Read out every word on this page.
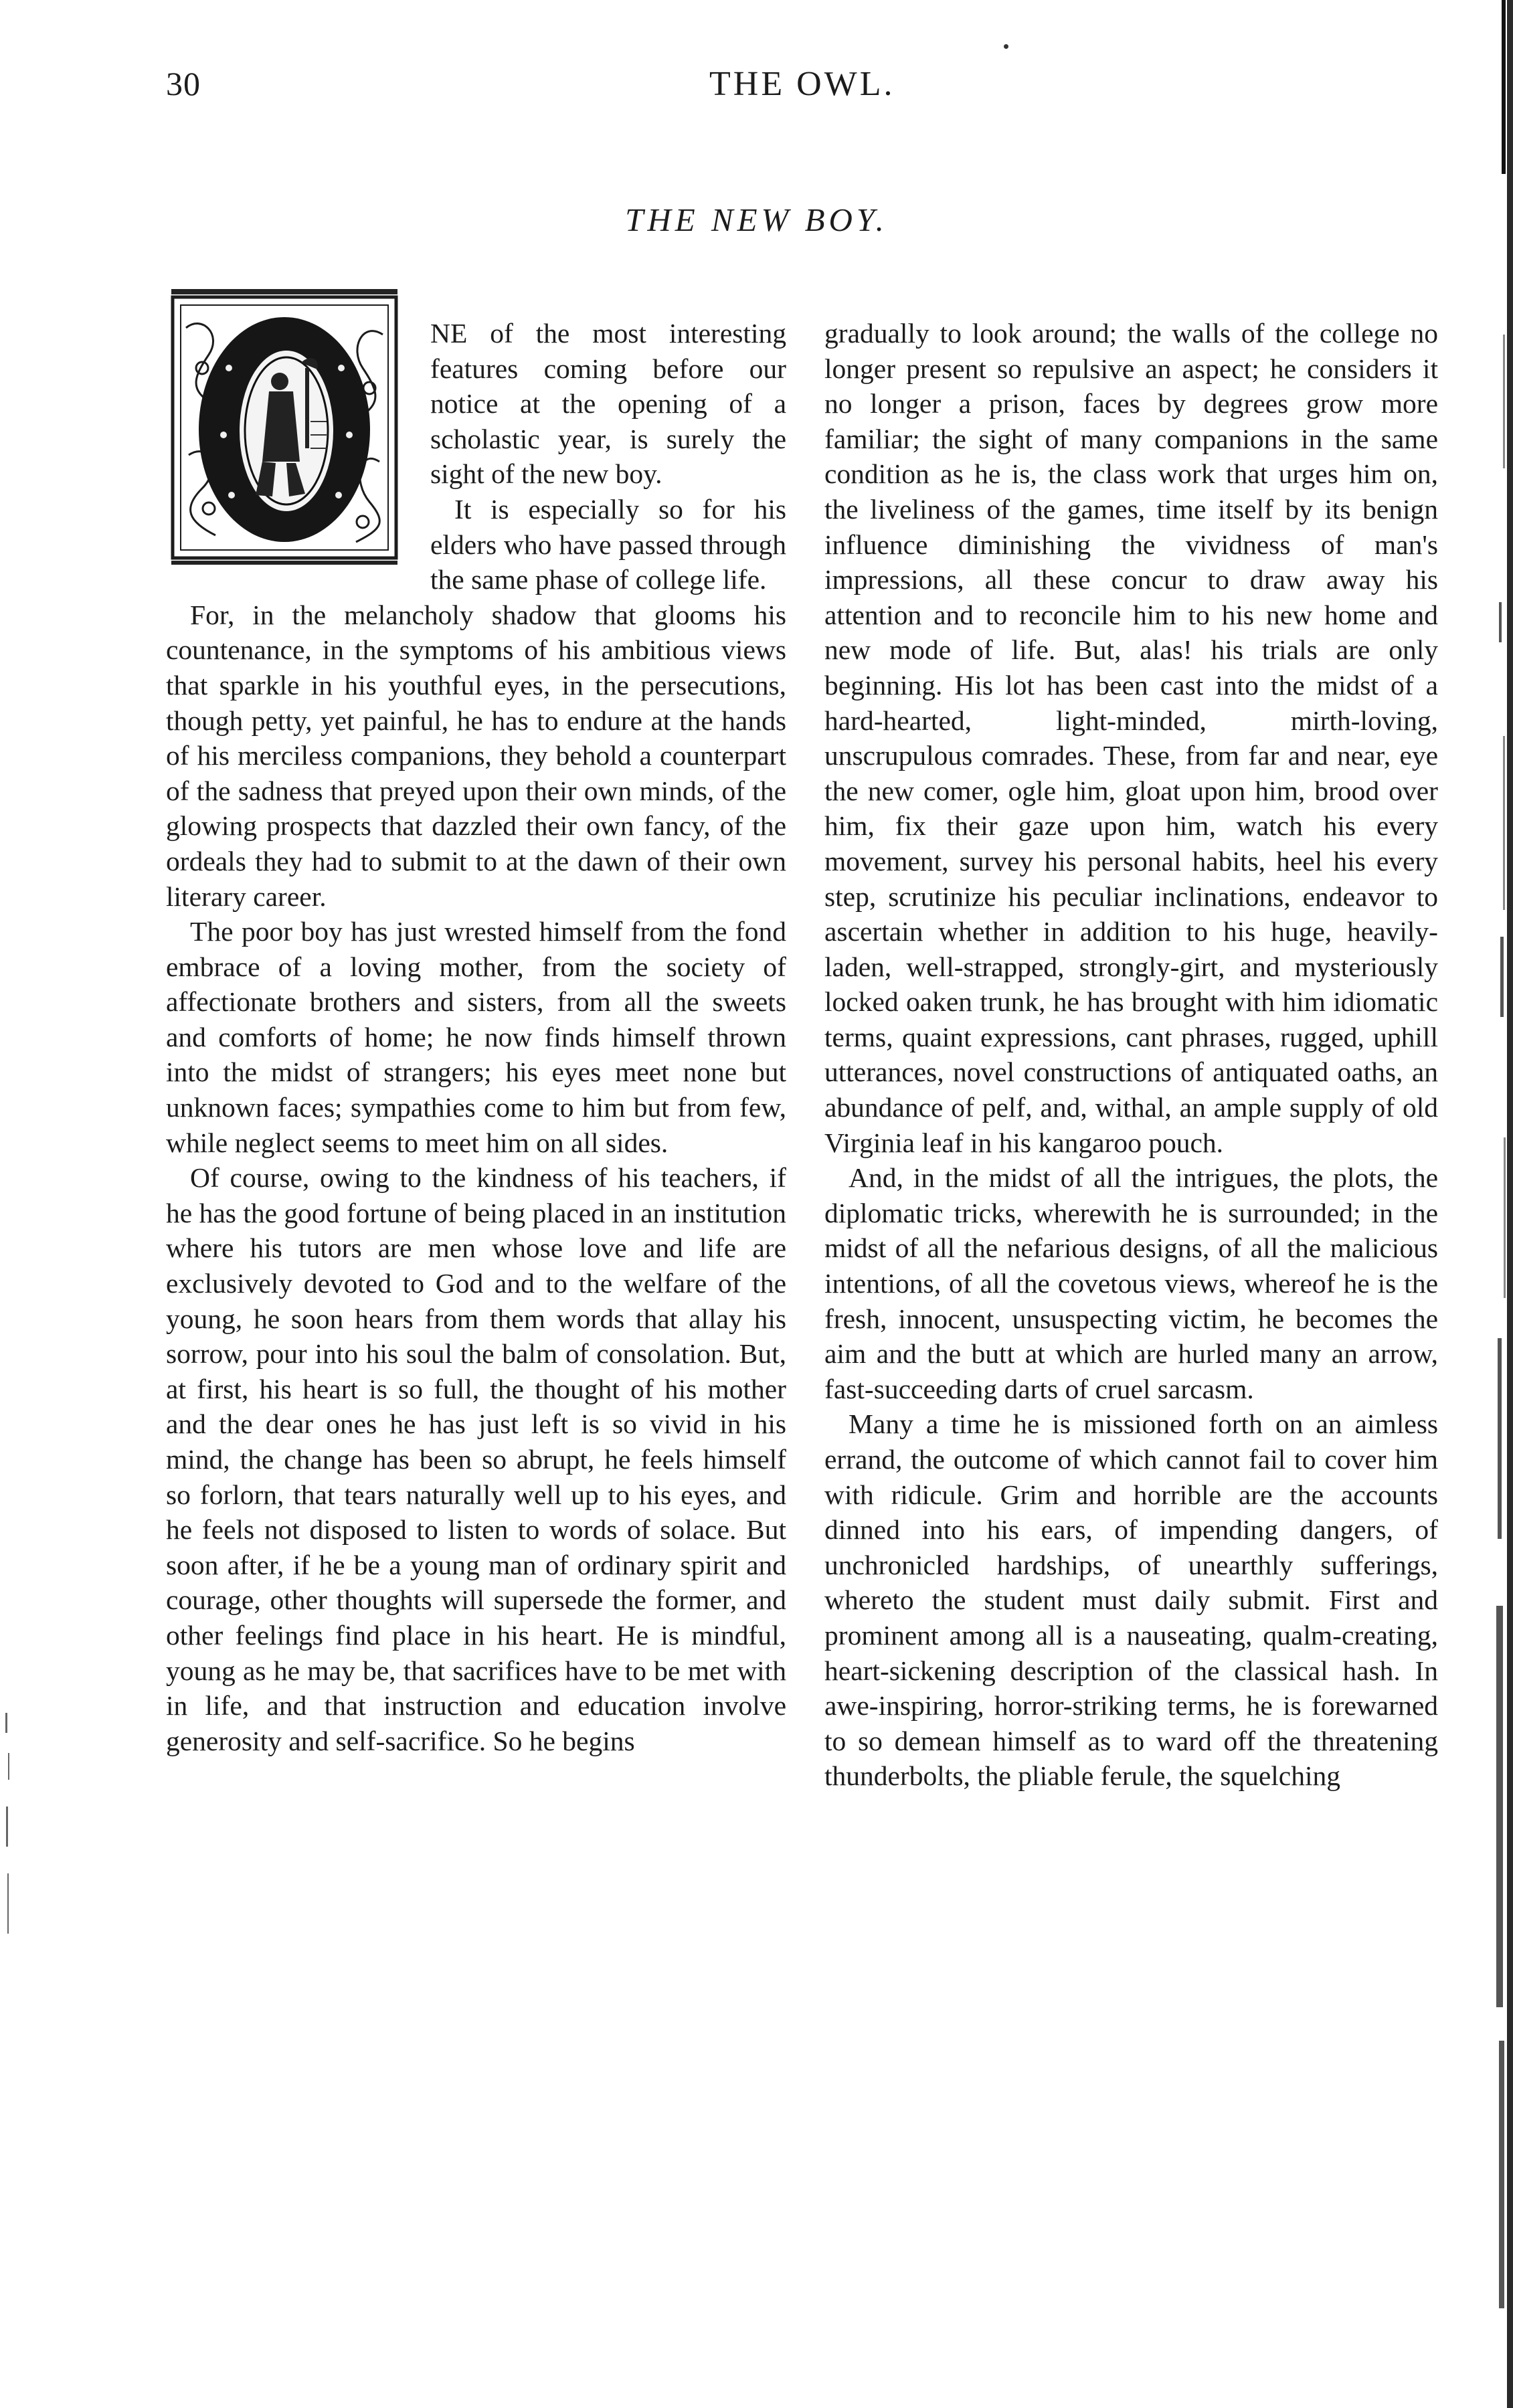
30	THE OWL.
THE NEW BOY.

NE of the most interesting features coming before our notice at the opening of a scholastic year, is surely the sight of the new boy.

It is especially so for his elders who have passed through the same phase of college life.

For, in the melancholy shadow that glooms his countenance, in the symptoms of his ambitious views that sparkle in his youthful eyes, in the persecutions, though petty, yet painful, he has to endure at the hands of his merciless companions, they behold a counterpart of the sadness that preyed upon their own minds, of the glowing prospects that dazzled their own fancy, of the ordeals they had to submit to at the dawn of their own literary career.

The poor boy has just wrested himself from the fond embrace of a loving mother, from the society of affectionate brothers and sisters, from all the sweets and comforts of home; he now finds himself thrown into the midst of strangers; his eyes meet none but unknown faces; sympathies come to him but from few, while neglect seems to meet him on all sides.

Of course, owing to the kindness of his teachers, if he has the good fortune of being placed in an institution where his tutors are men whose love and life are exclusively devoted to God and to the welfare of the young, he soon hears from them words that allay his sorrow, pour into his soul the balm of consolation. But, at first, his heart is so full, the thought of his mother and the dear ones he has just left is so vivid in his mind, the change has been so abrupt, he feels himself so forlorn, that tears naturally well up to his eyes, and he feels not disposed to listen to words of solace. But soon after, if he be a young man of ordinary spirit and courage, other thoughts will supersede the former, and other feelings find place in his heart. He is mindful, young as he may be, that sacrifices have to be met with in life, and that instruction and education involve generosity and self-sacrifice. So he begins

gradually to look around; the walls of the college no longer present so repulsive an aspect; he considers it no longer a prison, faces by degrees grow more familiar; the sight of many companions in the same condition as he is, the class work that urges him on, the liveliness of the games, time itself by its benign influence diminishing the vividness of man's impressions, all these concur to draw away his attention and to reconcile him to his new home and new mode of life. But, alas! his trials are only beginning. His lot has been cast into the midst of a hard-hearted, light-minded, mirth-loving, unscrupulous comrades. These, from far and near, eye the new comer, ogle him, gloat upon him, brood over him, fix their gaze upon him, watch his every movement, survey his personal habits, heel his every step, scrutinize his peculiar inclinations, endeavor to ascertain whether in addition to his huge, heavily-laden, well-strapped, strongly-girt, and mysteriously locked oaken trunk, he has brought with him idiomatic terms, quaint expressions, cant phrases, rugged, uphill utterances, novel constructions of antiquated oaths, an abundance of pelf, and, withal, an ample supply of old Virginia leaf in his kangaroo pouch.

And, in the midst of all the intrigues, the plots, the diplomatic tricks, wherewith he is surrounded; in the midst of all the nefarious designs, of all the malicious intentions, of all the covetous views, whereof he is the fresh, innocent, unsuspecting victim, he becomes the aim and the butt at which are hurled many an arrow, fast-succeeding darts of cruel sarcasm.

Many a time he is missioned forth on an aimless errand, the outcome of which cannot fail to cover him with ridicule. Grim and horrible are the accounts dinned into his ears, of impending dangers, of unchronicled hardships, of unearthly sufferings, whereto the student must daily submit. First and prominent among all is a nauseating, qualm-creating, heart-sickening description of the classical hash. In awe-inspiring, horror-striking terms, he is forewarned to so demean himself as to ward off the threatening thunderbolts, the pliable ferule, the squelching
